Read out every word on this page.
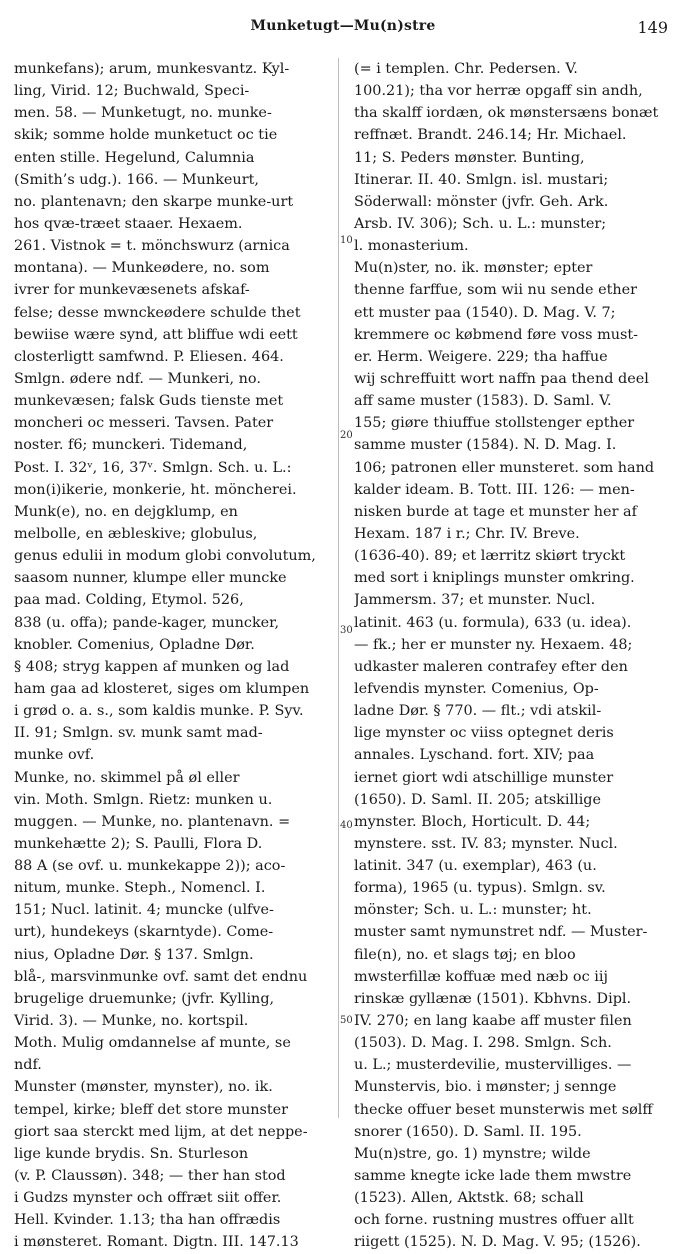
Munketugt—Mu(n)stre	149
10
20
30
40
50
munkefans); arum, munkesvantz. Kyl-
ling, Virid. 12; Buchwald, Speci-
men. 58. — Munketugt, no. munke-
skik; somme holde munketuct oc tie
enten stille. Hegelund, Calumnia
(Smith’s udg.). 166. — Munkeurt,
no. plantenavn; den skarpe munke-urt
hos qvæ-træet staaer. Hexaem.
261. Vistnok = t. mönchswurz (arnica
montana). — Munkeødere, no. som
ivrer for munkevæsenets afskaf-
felse; desse mwnckeødere schulde thet
bewiise wære synd, att bliffue wdi eett
closterligtt samfwnd. P. Eliesen. 464.
Smlgn. ødere ndf. — Munkeri, no.
munkevæsen; falsk Guds tienste met
moncheri oc messeri. Tavsen. Pater
noster. f6; munckeri. Tidemand,
Post. I. 32ᵛ, 16, 37ᵛ. Smlgn. Sch. u. L.:
mon(i)ikerie, monkerie, ht. möncherei.
Munk(e), no. en dejgklump, en
melbolle, en æbleskive; globulus,
genus edulii in modum globi convolutum,
saasom nunner, klumpe eller muncke
paa mad. Colding, Etymol. 526,
838 (u. offa); pande-kager, muncker,
knobler. Comenius, Opladne Dør.
§ 408; stryg kappen af munken og lad
ham gaa ad klosteret, siges om klumpen
i grød o. a. s., som kaldis munke. P. Syv.
II. 91; Smlgn. sv. munk samt mad-
munke ovf.
Munke, no. skimmel på øl eller
vin. Moth. Smlgn. Rietz: munken u.
muggen. — Munke, no. plantenavn. =
munkehætte 2); S. Paulli, Flora D.
88 A (se ovf. u. munkekappe 2)); aco-
nitum, munke. Steph., Nomencl. I.
151; Nucl. latinit. 4; muncke (ulfve-
urt), hundekeys (skarntyde). Come-
nius, Opladne Dør. § 137. Smlgn.
blå-, marsvinmunke ovf. samt det endnu
brugelige druemunke; (jvfr. Kylling,
Virid. 3). — Munke, no. kortspil.
Moth. Mulig omdannelse af munte, se
ndf.
Munster (mønster, mynster), no. ik.
tempel, kirke; bleff det store munster
giort saa sterckt med lijm, at det neppe-
lige kunde brydis. Sn. Sturleson
(v. P. Claussøn). 348; — ther han stod
i Gudzs mynster och offræt siit offer.
Hell. Kvinder. 1.13; tha han offrædis
i mønsteret. Romant. Digtn. III. 147.13
(= i templen. Chr. Pedersen. V.
100.21); tha vor herræ opgaff sin andh,
tha skalff iordæn, ok mønstersæns bonæt
reffnæt. Brandt. 246.14; Hr. Michael.
11; S. Peders mønster. Bunting,
Itinerar. II. 40. Smlgn. isl. mustari;
Söderwall: mönster (jvfr. Geh. Ark.
Arsb. IV. 306); Sch. u. L.: munster;
l. monasterium.
Mu(n)ster, no. ik. mønster; epter
thenne farffue, som wii nu sende ether
ett muster paa (1540). D. Mag. V. 7;
kremmere oc købmend føre voss must-
er. Herm. Weigere. 229; tha haffue
wij schreffuitt wort naffn paa thend deel
aff same muster (1583). D. Saml. V.
155; giøre thiuffue stollstenger epther
samme muster (1584). N. D. Mag. I.
106; patronen eller munsteret. som hand
kalder ideam. B. Tott. III. 126: — men-
nisken burde at tage et munster her af
Hexam. 187 i r.; Chr. IV. Breve.
(1636-40). 89; et lærritz skiørt tryckt
med sort i kniplings munster omkring.
Jammersm. 37; et munster. Nucl.
latinit. 463 (u. formula), 633 (u. idea).
— fk.; her er munster ny. Hexaem. 48;
udkaster maleren contrafey efter den
lefvendis mynster. Comenius, Op-
ladne Dør. § 770. — flt.; vdi atskil-
lige mynster oc viiss optegnet deris
annales. Lyschand. fort. XIV; paa
iernet giort wdi atschillige munster
(1650). D. Saml. II. 205; atskillige
mynster. Bloch, Horticult. D. 44;
mynstere. sst. IV. 83; mynster. Nucl.
latinit. 347 (u. exemplar), 463 (u.
forma), 1965 (u. typus). Smlgn. sv.
mönster; Sch. u. L.: munster; ht.
muster samt nymunstret ndf. — Muster-
file(n), no. et slags tøj; en bloo
mwsterfillæ koffuæ med næb oc iij
rinskæ gyllænæ (1501). Kbhvns. Dipl.
IV. 270; en lang kaabe aff muster filen
(1503). D. Mag. I. 298. Smlgn. Sch.
u. L.; musterdevilie, mustervilliges. —
Munstervis, bio. i mønster; j sennge
thecke offuer beset munsterwis met sølff
snorer (1650). D. Saml. II. 195.
Mu(n)stre, go. 1) mynstre; wilde
samme knegte icke lade them mwstre
(1523). Allen, Aktstk. 68; schall
och forne. rustning mustres offuer allt
riigett (1525). N. D. Mag. V. 95; (1526).
